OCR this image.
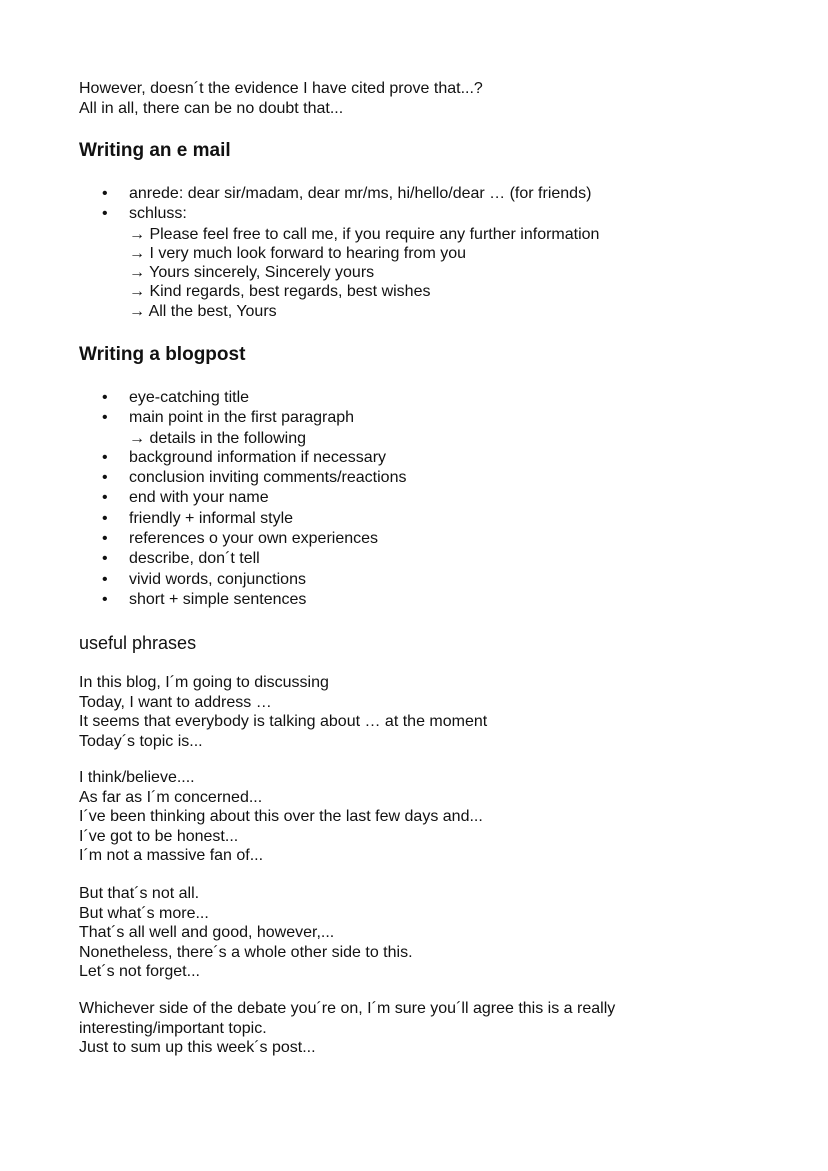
However, doesn´t the evidence I have cited prove that...?
All in all, there can be no doubt that...
Writing an e mail
• anrede: dear sir/madam, dear mr/ms, hi/hello/dear … (for friends)
• schluss:
→ Please feel free to call me, if you require any further information
→ I very much look forward to hearing from you
→ Yours sincerely, Sincerely yours
→ Kind regards, best regards, best wishes
→ All the best, Yours
Writing a blogpost
• eye-catching title
• main point in the first paragraph
→ details in the following
• background information if necessary
• conclusion inviting comments/reactions
• end with your name
• friendly + informal style
• references o your own experiences
• describe, don´t tell
• vivid words, conjunctions
• short + simple sentences
useful phrases
In this blog, I´m going to discussing
Today, I want to address …
It seems that everybody is talking about … at the moment
Today´s topic is...
I think/believe....
As far as I´m concerned...
I´ve been thinking about this over the last few days and...
I´ve got to be honest...
I´m not a massive fan of...
But that´s not all.
But what´s more...
That´s all well and good, however,...
Nonetheless, there´s a whole other side to this.
Let´s not forget...
Whichever side of the debate you´re on, I´m sure you´ll agree this is a really
interesting/important topic.
Just to sum up this week´s post...
